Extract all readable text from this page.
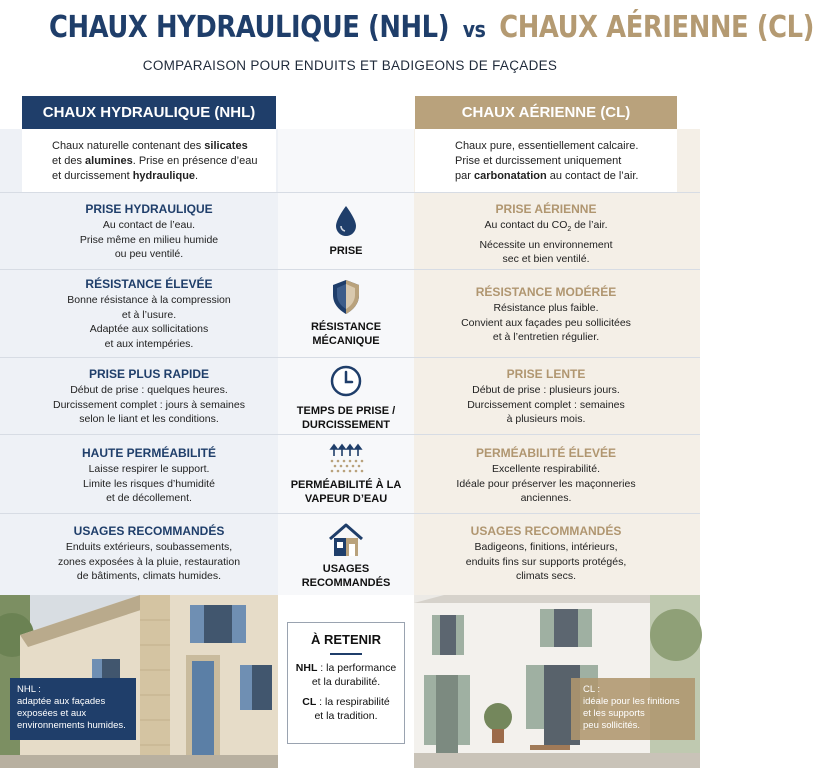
CHAUX HYDRAULIQUE (NHL) vs CHAUX AÉRIENNE (CL)
COMPARAISON POUR ENDUITS ET BADIGEONS DE FAÇADES
CHAUX HYDRAULIQUE (NHL)	CHAUX AÉRIENNE (CL)
Chaux naturelle contenant des silicates
et des alumines. Prise en présence d’eau
et durcissement hydraulique.
Chaux pure, essentiellement calcaire.
Prise et durcissement uniquement
par carbonatation au contact de l’air.
PRISE HYDRAULIQUE
Au contact de l’eau.
Prise même en milieu humide
ou peu ventilé.	PRISE
PRISE AÉRIENNE
Au contact du $CO_2$ de l’air.
Nécessite un environnement
sec et bien ventilé.
RÉSISTANCE ÉLEVÉE
Bonne résistance à la compression
et à l’usure.
Adaptée aux sollicitations
et aux intempéries.
RÉSISTANCE MÉCANIQUE
RÉSISTANCE MODÉRÉE
Résistance plus faible.
Convient aux façades peu sollicitées
et à l’entretien régulier.
PRISE PLUS RAPIDE
Début de prise : quelques heures.
Durcissement complet : jours à semaines
selon le liant et les conditions.
TEMPS DE PRISE / DURCISSEMENT
PRISE LENTE
Début de prise : plusieurs jours.
Durcissement complet : semaines
à plusieurs mois.
HAUTE PERMÉABILITÉ
Laisse respirer le support.
Limite les risques d’humidité
et de décollement.
PERMÉABILITÉ À LA VAPEUR D’EAU
PERMÉABILITÉ ÉLEVÉE
Excellente respirabilité.
Idéale pour préserver les maçonneries
anciennes.
USAGES RECOMMANDÉS
Enduits extérieurs, soubassements,
zones exposées à la pluie, restauration
de bâtiments, climats humides.
USAGES RECOMMANDÉS
USAGES RECOMMANDÉS
Badigeons, finitions, intérieurs,
enduits fins sur supports protégés,
climats secs.
À RETENIR
NHL : la performance
et la durabilité.
CL : la respirabilité
et la tradition.
NHL :
adaptée aux façades
exposées et aux
environnements humides.
CL :
idéale pour les finitions
et les supports
peu sollicités.
